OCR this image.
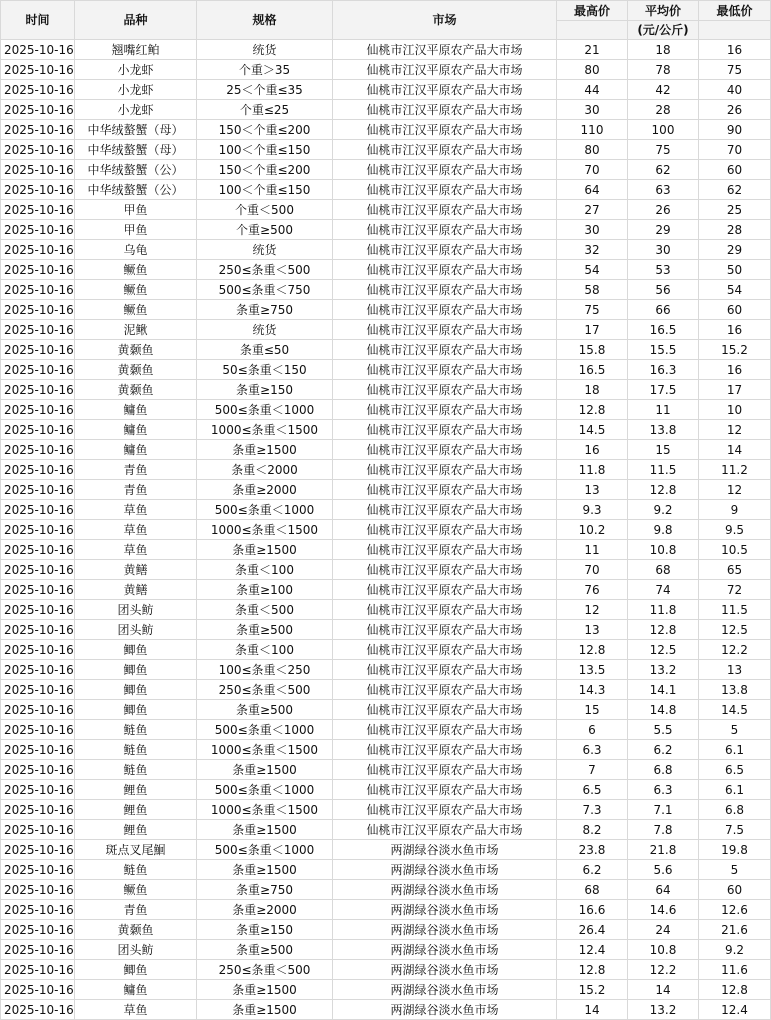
时间	品种	规格	市场	最高价	平均价	最低价
					(元/公斤)	
2025-10-16	翘嘴红鲌	统货	仙桃市江汉平原农产品大市场	21	18	16
2025-10-16	小龙虾	个重＞35	仙桃市江汉平原农产品大市场	80	78	75
2025-10-16	小龙虾	25＜个重≤35	仙桃市江汉平原农产品大市场	44	42	40
2025-10-16	小龙虾	个重≤25	仙桃市江汉平原农产品大市场	30	28	26
2025-10-16	中华绒螯蟹（母）	150＜个重≤200	仙桃市江汉平原农产品大市场	110	100	90
2025-10-16	中华绒螯蟹（母）	100＜个重≤150	仙桃市江汉平原农产品大市场	80	75	70
2025-10-16	中华绒螯蟹（公）	150＜个重≤200	仙桃市江汉平原农产品大市场	70	62	60
2025-10-16	中华绒螯蟹（公）	100＜个重≤150	仙桃市江汉平原农产品大市场	64	63	62
2025-10-16	甲鱼	个重＜500	仙桃市江汉平原农产品大市场	27	26	25
2025-10-16	甲鱼	个重≥500	仙桃市江汉平原农产品大市场	30	29	28
2025-10-16	乌龟	统货	仙桃市江汉平原农产品大市场	32	30	29
2025-10-16	鳜鱼	250≤条重＜500	仙桃市江汉平原农产品大市场	54	53	50
2025-10-16	鳜鱼	500≤条重＜750	仙桃市江汉平原农产品大市场	58	56	54
2025-10-16	鳜鱼	条重≥750	仙桃市江汉平原农产品大市场	75	66	60
2025-10-16	泥鳅	统货	仙桃市江汉平原农产品大市场	17	16.5	16
2025-10-16	黄颡鱼	条重≤50	仙桃市江汉平原农产品大市场	15.8	15.5	15.2
2025-10-16	黄颡鱼	50≤条重＜150	仙桃市江汉平原农产品大市场	16.5	16.3	16
2025-10-16	黄颡鱼	条重≥150	仙桃市江汉平原农产品大市场	18	17.5	17
2025-10-16	鳙鱼	500≤条重＜1000	仙桃市江汉平原农产品大市场	12.8	11	10
2025-10-16	鳙鱼	1000≤条重＜1500	仙桃市江汉平原农产品大市场	14.5	13.8	12
2025-10-16	鳙鱼	条重≥1500	仙桃市江汉平原农产品大市场	16	15	14
2025-10-16	青鱼	条重＜2000	仙桃市江汉平原农产品大市场	11.8	11.5	11.2
2025-10-16	青鱼	条重≥2000	仙桃市江汉平原农产品大市场	13	12.8	12
2025-10-16	草鱼	500≤条重＜1000	仙桃市江汉平原农产品大市场	9.3	9.2	9
2025-10-16	草鱼	1000≤条重＜1500	仙桃市江汉平原农产品大市场	10.2	9.8	9.5
2025-10-16	草鱼	条重≥1500	仙桃市江汉平原农产品大市场	11	10.8	10.5
2025-10-16	黄鳝	条重＜100	仙桃市江汉平原农产品大市场	70	68	65
2025-10-16	黄鳝	条重≥100	仙桃市江汉平原农产品大市场	76	74	72
2025-10-16	团头鲂	条重＜500	仙桃市江汉平原农产品大市场	12	11.8	11.5
2025-10-16	团头鲂	条重≥500	仙桃市江汉平原农产品大市场	13	12.8	12.5
2025-10-16	鲫鱼	条重＜100	仙桃市江汉平原农产品大市场	12.8	12.5	12.2
2025-10-16	鲫鱼	100≤条重＜250	仙桃市江汉平原农产品大市场	13.5	13.2	13
2025-10-16	鲫鱼	250≤条重＜500	仙桃市江汉平原农产品大市场	14.3	14.1	13.8
2025-10-16	鲫鱼	条重≥500	仙桃市江汉平原农产品大市场	15	14.8	14.5
2025-10-16	鲢鱼	500≤条重＜1000	仙桃市江汉平原农产品大市场	6	5.5	5
2025-10-16	鲢鱼	1000≤条重＜1500	仙桃市江汉平原农产品大市场	6.3	6.2	6.1
2025-10-16	鲢鱼	条重≥1500	仙桃市江汉平原农产品大市场	7	6.8	6.5
2025-10-16	鲤鱼	500≤条重＜1000	仙桃市江汉平原农产品大市场	6.5	6.3	6.1
2025-10-16	鲤鱼	1000≤条重＜1500	仙桃市江汉平原农产品大市场	7.3	7.1	6.8
2025-10-16	鲤鱼	条重≥1500	仙桃市江汉平原农产品大市场	8.2	7.8	7.5
2025-10-16	斑点叉尾鮰	500≤条重＜1000	两湖绿谷淡水鱼市场	23.8	21.8	19.8
2025-10-16	鲢鱼	条重≥1500	两湖绿谷淡水鱼市场	6.2	5.6	5
2025-10-16	鳜鱼	条重≥750	两湖绿谷淡水鱼市场	68	64	60
2025-10-16	青鱼	条重≥2000	两湖绿谷淡水鱼市场	16.6	14.6	12.6
2025-10-16	黄颡鱼	条重≥150	两湖绿谷淡水鱼市场	26.4	24	21.6
2025-10-16	团头鲂	条重≥500	两湖绿谷淡水鱼市场	12.4	10.8	9.2
2025-10-16	鲫鱼	250≤条重＜500	两湖绿谷淡水鱼市场	12.8	12.2	11.6
2025-10-16	鳙鱼	条重≥1500	两湖绿谷淡水鱼市场	15.2	14	12.8
2025-10-16	草鱼	条重≥1500	两湖绿谷淡水鱼市场	14	13.2	12.4
